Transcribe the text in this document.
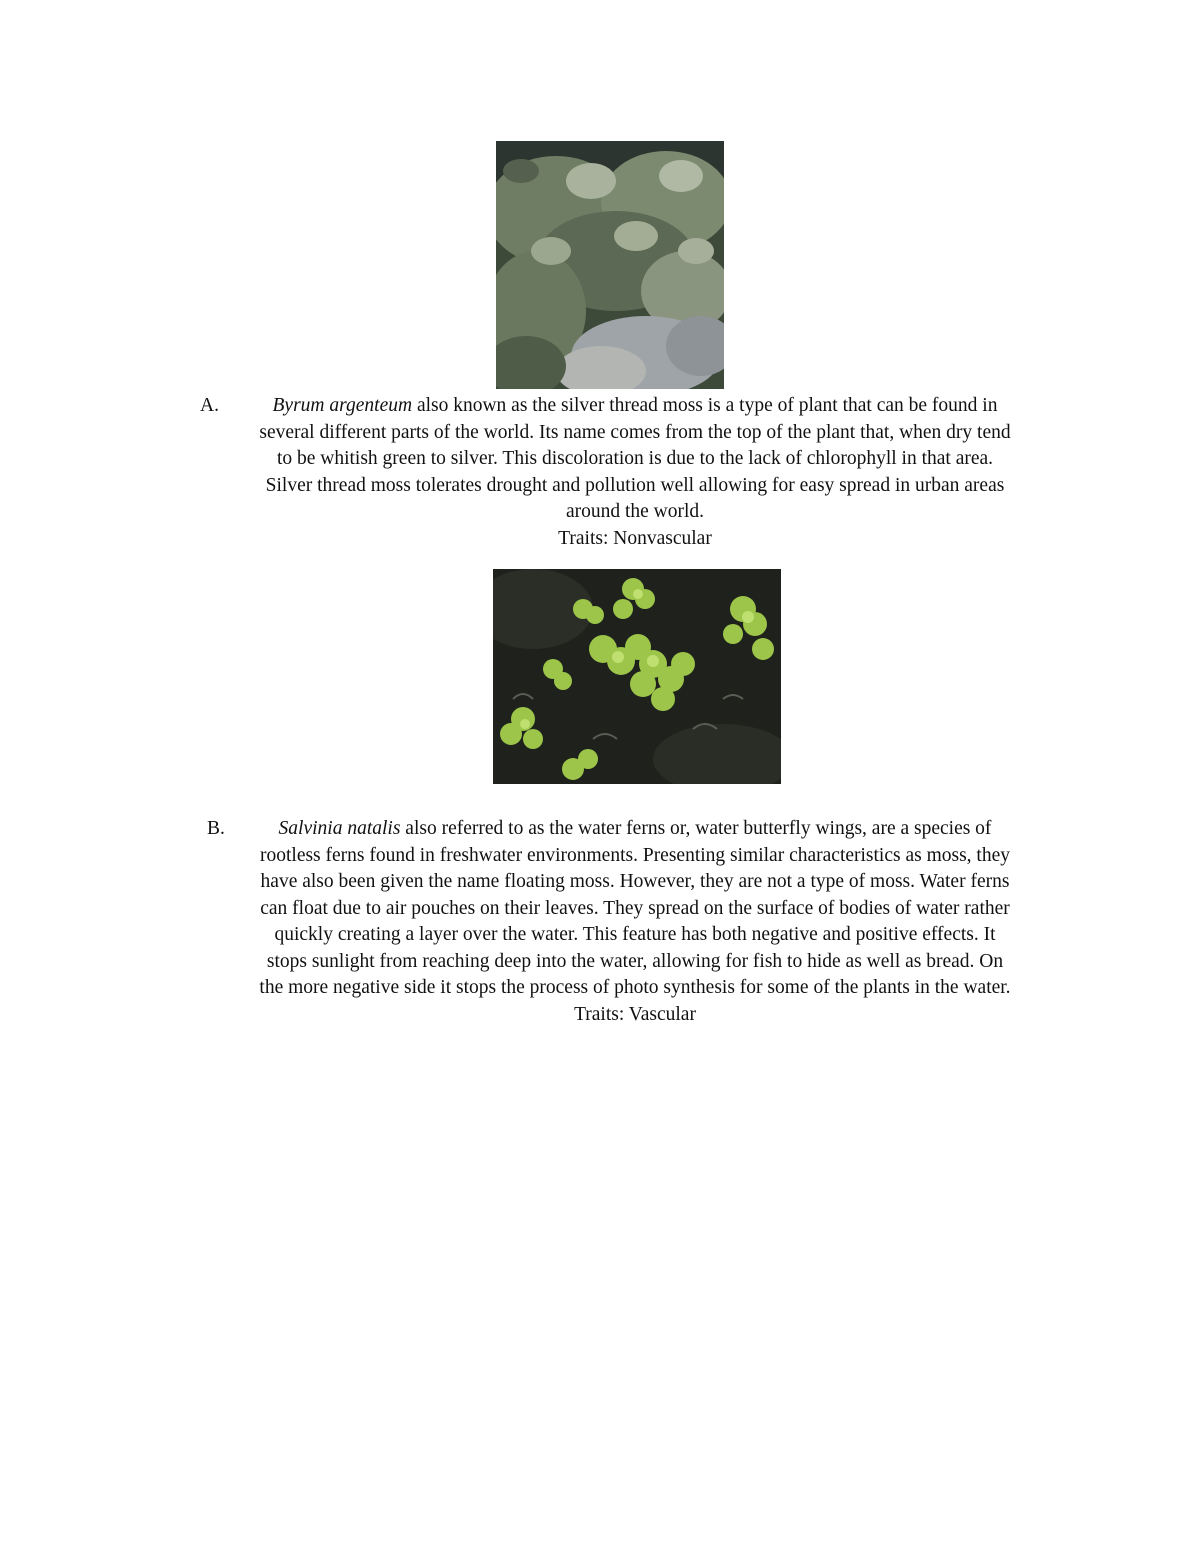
A.	Byrum argenteum also known as the silver thread moss is a type of plant that can be found in
several different parts of the world. Its name comes from the top of the plant that, when dry tend
to be whitish green to silver. This discoloration is due to the lack of chlorophyll in that area.
Silver thread moss tolerates drought and pollution well allowing for easy spread in urban areas
around the world.
Traits: Nonvascular
B.	Salvinia natalis also referred to as the water ferns or, water butterfly wings, are a species of
rootless ferns found in freshwater environments. Presenting similar characteristics as moss, they
have also been given the name floating moss. However, they are not a type of moss. Water ferns
can float due to air pouches on their leaves. They spread on the surface of bodies of water rather
quickly creating a layer over the water. This feature has both negative and positive effects. It
stops sunlight from reaching deep into the water, allowing for fish to hide as well as bread. On
the more negative side it stops the process of photo synthesis for some of the plants in the water.
Traits: Vascular
